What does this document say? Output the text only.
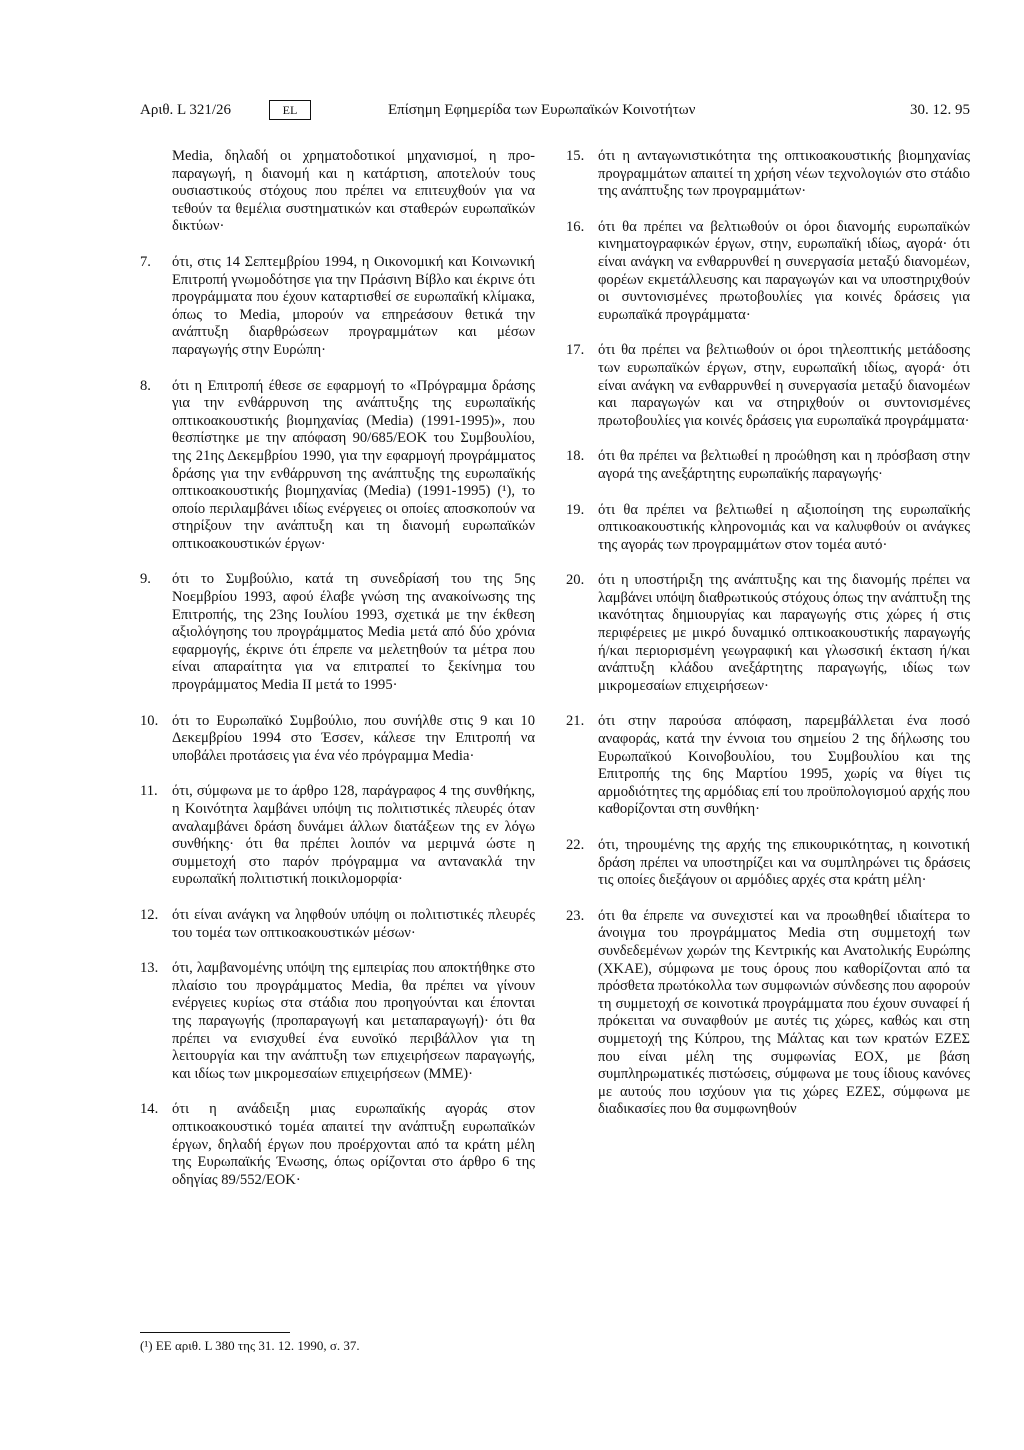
Αριθ. L 321/26	EL	Επίσημη Εφημερίδα των Ευρωπαϊκών Κοινοτήτων	30. 12. 95
Media, δηλαδή οι χρηματοδοτικοί μηχανισμοί, η προ-παραγωγή, η διανομή και η κατάρτιση, αποτελούν τους ουσιαστικούς στόχους που πρέπει να επιτευχθούν για να τεθούν τα θεμέλια συστηματικών και σταθερών ευρωπαϊκών δικτύων·
7. ότι, στις 14 Σεπτεμβρίου 1994, η Οικονομική και Κοινωνική Επιτροπή γνωμοδότησε για την Πράσινη Βίβλο και έκρινε ότι προγράμματα που έχουν καταρτισθεί σε ευρωπαϊκή κλίμακα, όπως το Media, μπορούν να επηρεάσουν θετικά την ανάπτυξη διαρθρώσεων προγραμμάτων και μέσων παραγωγής στην Ευρώπη·
8. ότι η Επιτροπή έθεσε σε εφαρμογή το «Πρόγραμμα δράσης για την ενθάρρυνση της ανάπτυξης της ευρωπαϊκής οπτικοακουστικής βιομηχανίας (Media) (1991-1995)», που θεσπίστηκε με την απόφαση 90/685/ΕΟΚ του Συμβουλίου, της 21ης Δεκεμβρίου 1990, για την εφαρμογή προγράμματος δράσης για την ενθάρρυνση της ανάπτυξης της ευρωπαϊκής οπτικοακουστικής βιομηχανίας (Media) (1991-1995) (¹), το οποίο περιλαμβάνει ιδίως ενέργειες οι οποίες αποσκοπούν να στηρίξουν την ανάπτυξη και τη διανομή ευρωπαϊκών οπτικοακουστικών έργων·
9. ότι το Συμβούλιο, κατά τη συνεδρίασή του της 5ης Νοεμβρίου 1993, αφού έλαβε γνώση της ανακοίνωσης της Επιτροπής, της 23ης Ιουλίου 1993, σχετικά με την έκθεση αξιολόγησης του προγράμματος Media μετά από δύο χρόνια εφαρμογής, έκρινε ότι έπρεπε να μελετηθούν τα μέτρα που είναι απαραίτητα για να επιτραπεί το ξεκίνημα του προγράμματος Media II μετά το 1995·
10. ότι το Ευρωπαϊκό Συμβούλιο, που συνήλθε στις 9 και 10 Δεκεμβρίου 1994 στο Έσσεν, κάλεσε την Επιτροπή να υποβάλει προτάσεις για ένα νέο πρόγραμμα Media·
11. ότι, σύμφωνα με το άρθρο 128, παράγραφος 4 της συνθήκης, η Κοινότητα λαμβάνει υπόψη τις πολιτιστικές πλευρές όταν αναλαμβάνει δράση δυνάμει άλλων διατάξεων της εν λόγω συνθήκης· ότι θα πρέπει λοιπόν να μεριμνά ώστε η συμμετοχή στο παρόν πρόγραμμα να αντανακλά την ευρωπαϊκή πολιτιστική ποικιλομορφία·
12. ότι είναι ανάγκη να ληφθούν υπόψη οι πολιτιστικές πλευρές του τομέα των οπτικοακουστικών μέσων·
13. ότι, λαμβανομένης υπόψη της εμπειρίας που αποκτήθηκε στο πλαίσιο του προγράμματος Media, θα πρέπει να γίνουν ενέργειες κυρίως στα στάδια που προηγούνται και έπονται της παραγωγής (προπαραγωγή και μεταπαραγωγή)· ότι θα πρέπει να ενισχυθεί ένα ευνοϊκό περιβάλλον για τη λειτουργία και την ανάπτυξη των επιχειρήσεων παραγωγής, και ιδίως των μικρομεσαίων επιχειρήσεων (ΜΜΕ)·
14. ότι η ανάδειξη μιας ευρωπαϊκής αγοράς στον οπτικοακουστικό τομέα απαιτεί την ανάπτυξη ευρωπαϊκών έργων, δηλαδή έργων που προέρχονται από τα κράτη μέλη της Ευρωπαϊκής Ένωσης, όπως ορίζονται στο άρθρο 6 της οδηγίας 89/552/ΕΟΚ·
15. ότι η ανταγωνιστικότητα της οπτικοακουστικής βιομηχανίας προγραμμάτων απαιτεί τη χρήση νέων τεχνολογιών στο στάδιο της ανάπτυξης των προγραμμάτων·
16. ότι θα πρέπει να βελτιωθούν οι όροι διανομής ευρωπαϊκών κινηματογραφικών έργων, στην, ευρωπαϊκή ιδίως, αγορά· ότι είναι ανάγκη να ενθαρρυνθεί η συνεργασία μεταξύ διανομέων, φορέων εκμετάλλευσης και παραγωγών και να υποστηριχθούν οι συντονισμένες πρωτοβουλίες για κοινές δράσεις για ευρωπαϊκά προγράμματα·
17. ότι θα πρέπει να βελτιωθούν οι όροι τηλεοπτικής μετάδοσης των ευρωπαϊκών έργων, στην, ευρωπαϊκή ιδίως, αγορά· ότι είναι ανάγκη να ενθαρρυνθεί η συνεργασία μεταξύ διανομέων και παραγωγών και να στηριχθούν οι συντονισμένες πρωτοβουλίες για κοινές δράσεις για ευρωπαϊκά προγράμματα·
18. ότι θα πρέπει να βελτιωθεί η προώθηση και η πρόσβαση στην αγορά της ανεξάρτητης ευρωπαϊκής παραγωγής·
19. ότι θα πρέπει να βελτιωθεί η αξιοποίηση της ευρωπαϊκής οπτικοακουστικής κληρονομιάς και να καλυφθούν οι ανάγκες της αγοράς των προγραμμάτων στον τομέα αυτό·
20. ότι η υποστήριξη της ανάπτυξης και της διανομής πρέπει να λαμβάνει υπόψη διαθρωτικούς στόχους όπως την ανάπτυξη της ικανότητας δημιουργίας και παραγωγής στις χώρες ή στις περιφέρειες με μικρό δυναμικό οπτικοακουστικής παραγωγής ή/και περιορισμένη γεωγραφική και γλωσσική έκταση ή/και ανάπτυξη κλάδου ανεξάρτητης παραγωγής, ιδίως των μικρομεσαίων επιχειρήσεων·
21. ότι στην παρούσα απόφαση, παρεμβάλλεται ένα ποσό αναφοράς, κατά την έννοια του σημείου 2 της δήλωσης του Ευρωπαϊκού Κοινοβουλίου, του Συμβουλίου και της Επιτροπής της 6ης Μαρτίου 1995, χωρίς να θίγει τις αρμοδιότητες της αρμόδιας επί του προϋπολογισμού αρχής που καθορίζονται στη συνθήκη·
22. ότι, τηρουμένης της αρχής της επικουρικότητας, η κοινοτική δράση πρέπει να υποστηρίζει και να συμπληρώνει τις δράσεις τις οποίες διεξάγουν οι αρμόδιες αρχές στα κράτη μέλη·
23. ότι θα έπρεπε να συνεχιστεί και να προωθηθεί ιδιαίτερα το άνοιγμα του προγράμματος Media στη συμμετοχή των συνδεδεμένων χωρών της Κεντρικής και Ανατολικής Ευρώπης (ΧΚΑΕ), σύμφωνα με τους όρους που καθορίζονται από τα πρόσθετα πρωτόκολλα των συμφωνιών σύνδεσης που αφορούν τη συμμετοχή σε κοινοτικά προγράμματα που έχουν συναφεί ή πρόκειται να συναφθούν με αυτές τις χώρες, καθώς και στη συμμετοχή της Κύπρου, της Μάλτας και των κρατών ΕΖΕΣ που είναι μέλη της συμφωνίας ΕΟΧ, με βάση συμπληρωματικές πιστώσεις, σύμφωνα με τους ίδιους κανόνες με αυτούς που ισχύουν για τις χώρες ΕΖΕΣ, σύμφωνα με διαδικασίες που θα συμφωνηθούν
(¹) ΕΕ αριθ. L 380 της 31. 12. 1990, σ. 37.
